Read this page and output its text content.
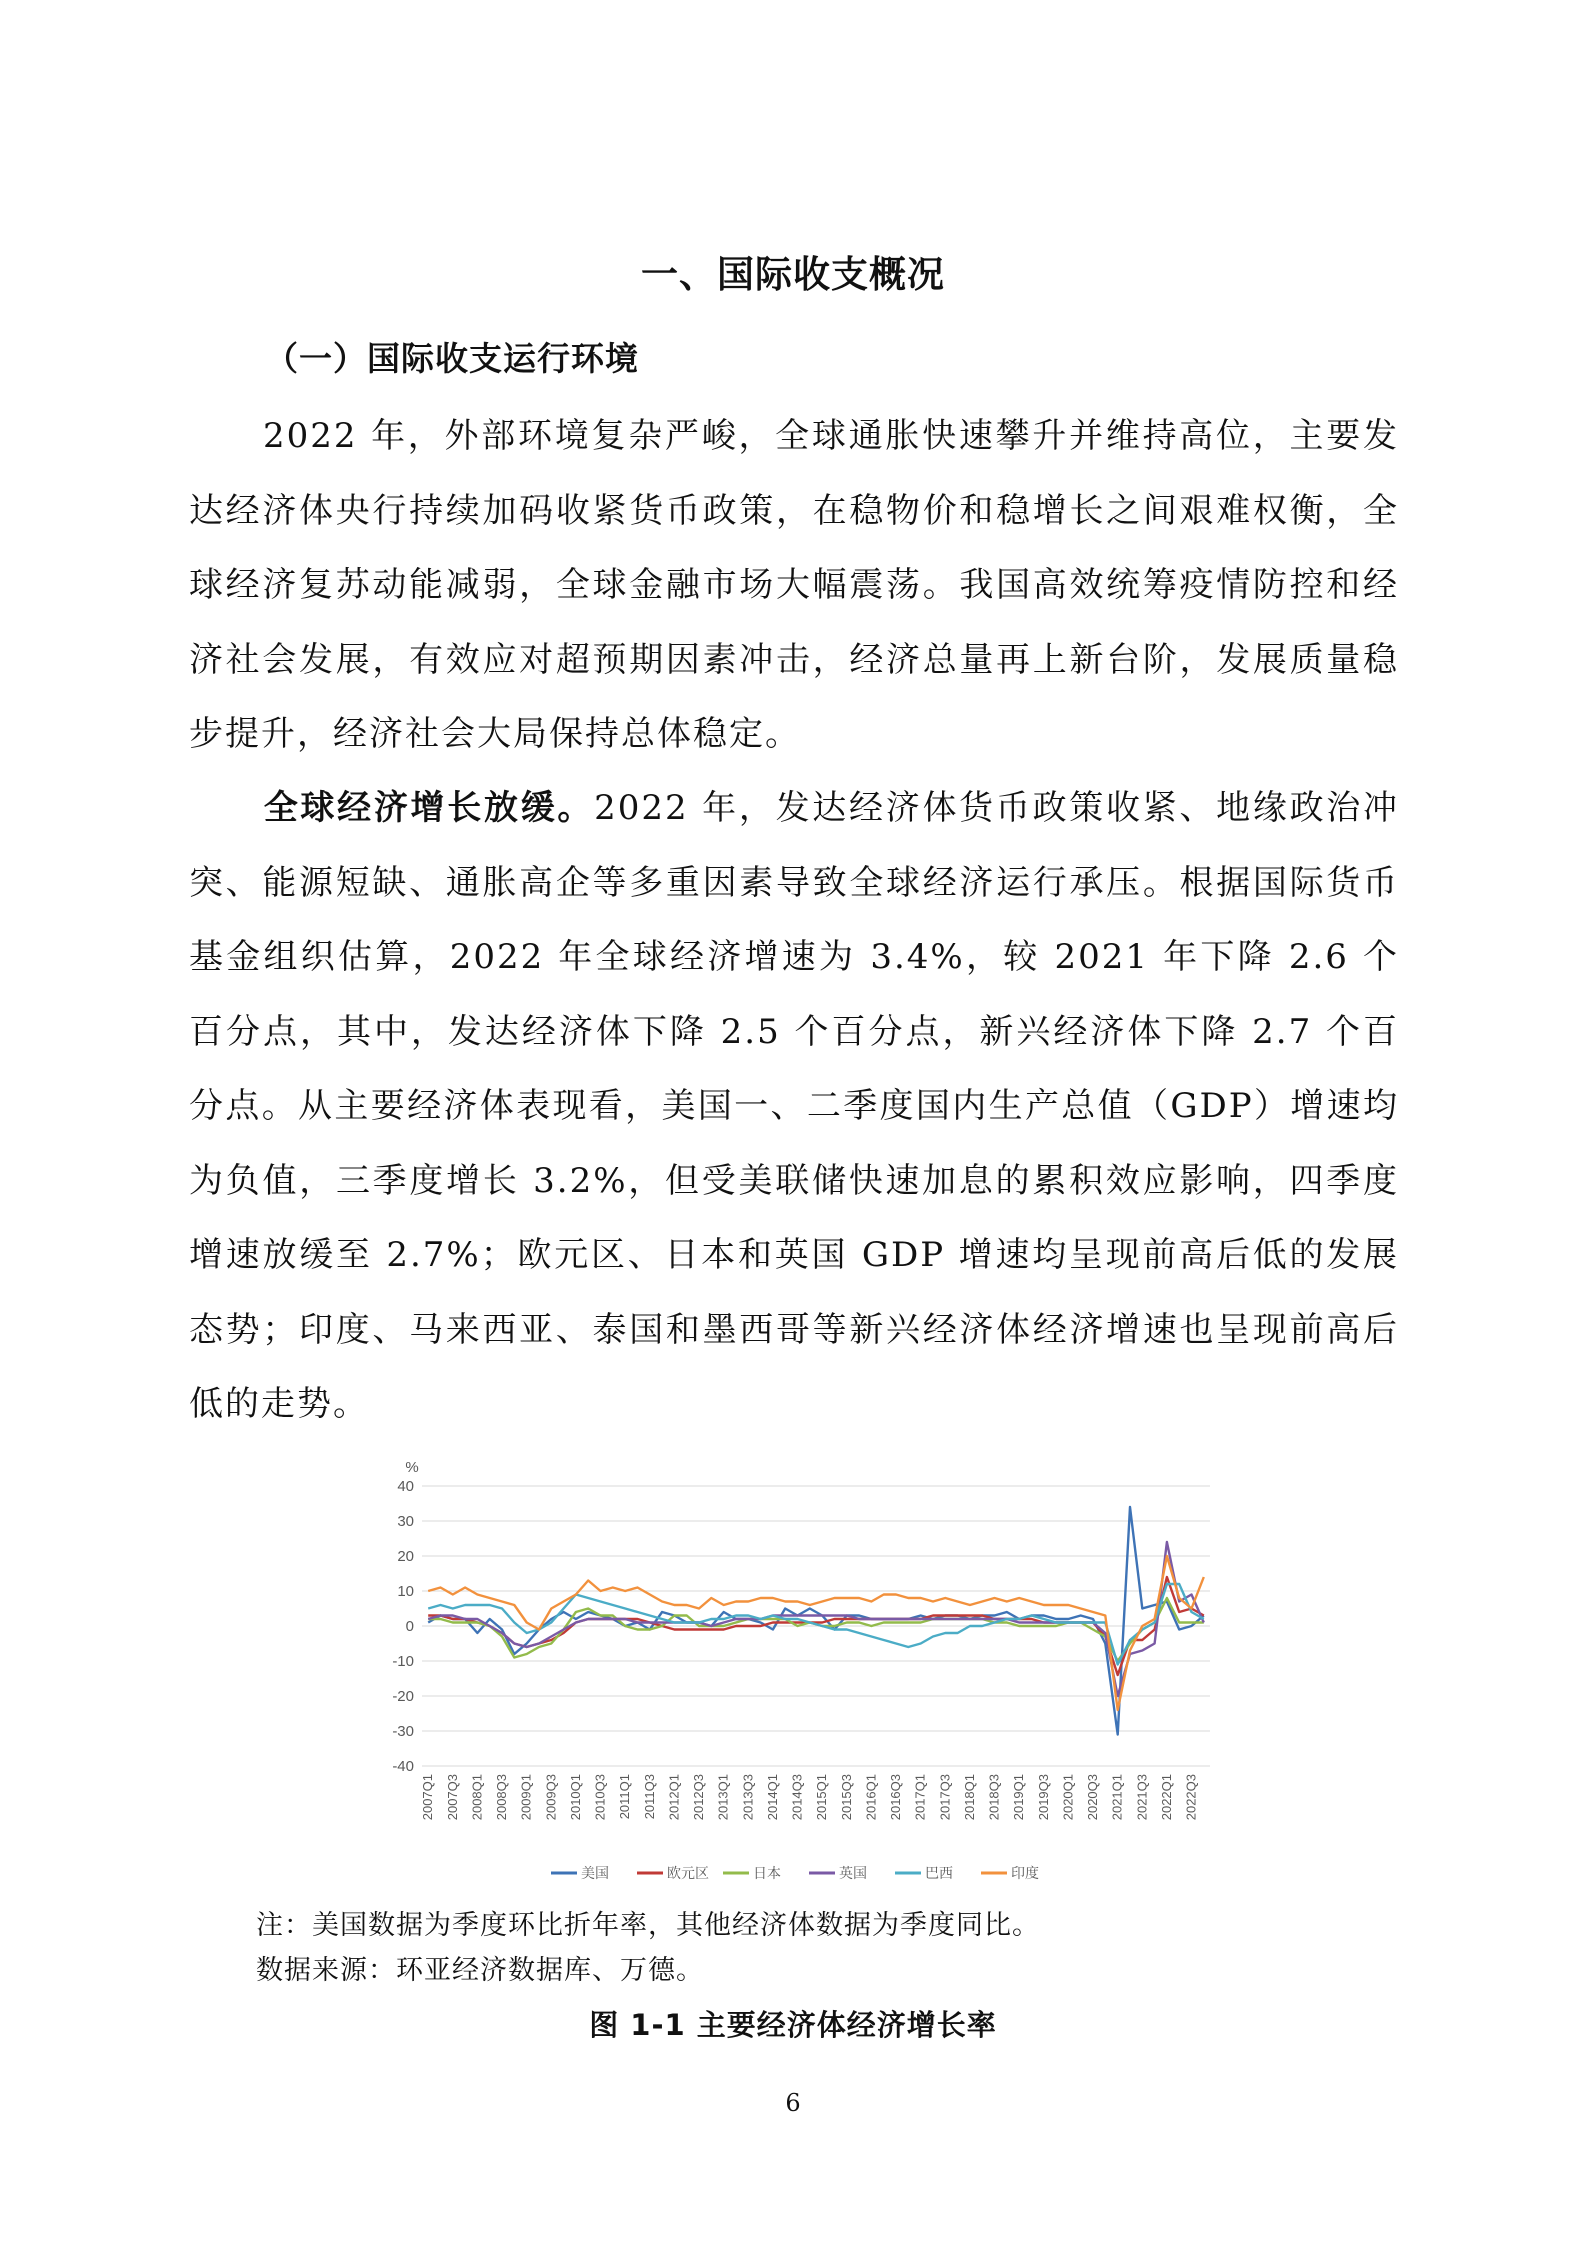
一、国际收支概况
（一）国际收支运行环境

2022 年，外部环境复杂严峻，全球通胀快速攀升并维持高位，主要发达经济体央行持续加码收紧货币政策，在稳物价和稳增长之间艰难权衡，全球经济复苏动能减弱，全球金融市场大幅震荡。我国高效统筹疫情防控和经济社会发展，有效应对超预期因素冲击，经济总量再上新台阶，发展质量稳步提升，经济社会大局保持总体稳定。

全球经济增长放缓。2022 年，发达经济体货币政策收紧、地缘政治冲突、能源短缺、通胀高企等多重因素导致全球经济运行承压。根据国际货币基金组织估算，2022 年全球经济增速为 3.4%，较 2021 年下降 2.6 个百分点，其中，发达经济体下降 2.5 个百分点，新兴经济体下降 2.7 个百分点。从主要经济体表现看，美国一、二季度国内生产总值（GDP）增速均为负值，三季度增长 3.2%，但受美联储快速加息的累积效应影响，四季度增速放缓至 2.7%；欧元区、日本和英国 GDP 增速均呈现前高后低的发展态势；印度、马来西亚、泰国和墨西哥等新兴经济体经济增速也呈现前高后低的走势。

%
40
30
20
10
0
-10
-20
-30
-40
2007Q1 2007Q3 2008Q1 2008Q3 2009Q1 2009Q3 2010Q1 2010Q3 2011Q1 2011Q3 2012Q1 2012Q3 2013Q1 2013Q3 2014Q1 2014Q3 2015Q1 2015Q3 2016Q1 2016Q3 2017Q1 2017Q3 2018Q1 2018Q3 2019Q1 2019Q3 2020Q1 2020Q3 2021Q1 2021Q3 2022Q1 2022Q3
美国	欧元区	日本	英国	巴西	印度
注：美国数据为季度环比折年率，其他经济体数据为季度同比。
数据来源：环亚经济数据库、万德。
图 1-1 主要经济体经济增长率
6
